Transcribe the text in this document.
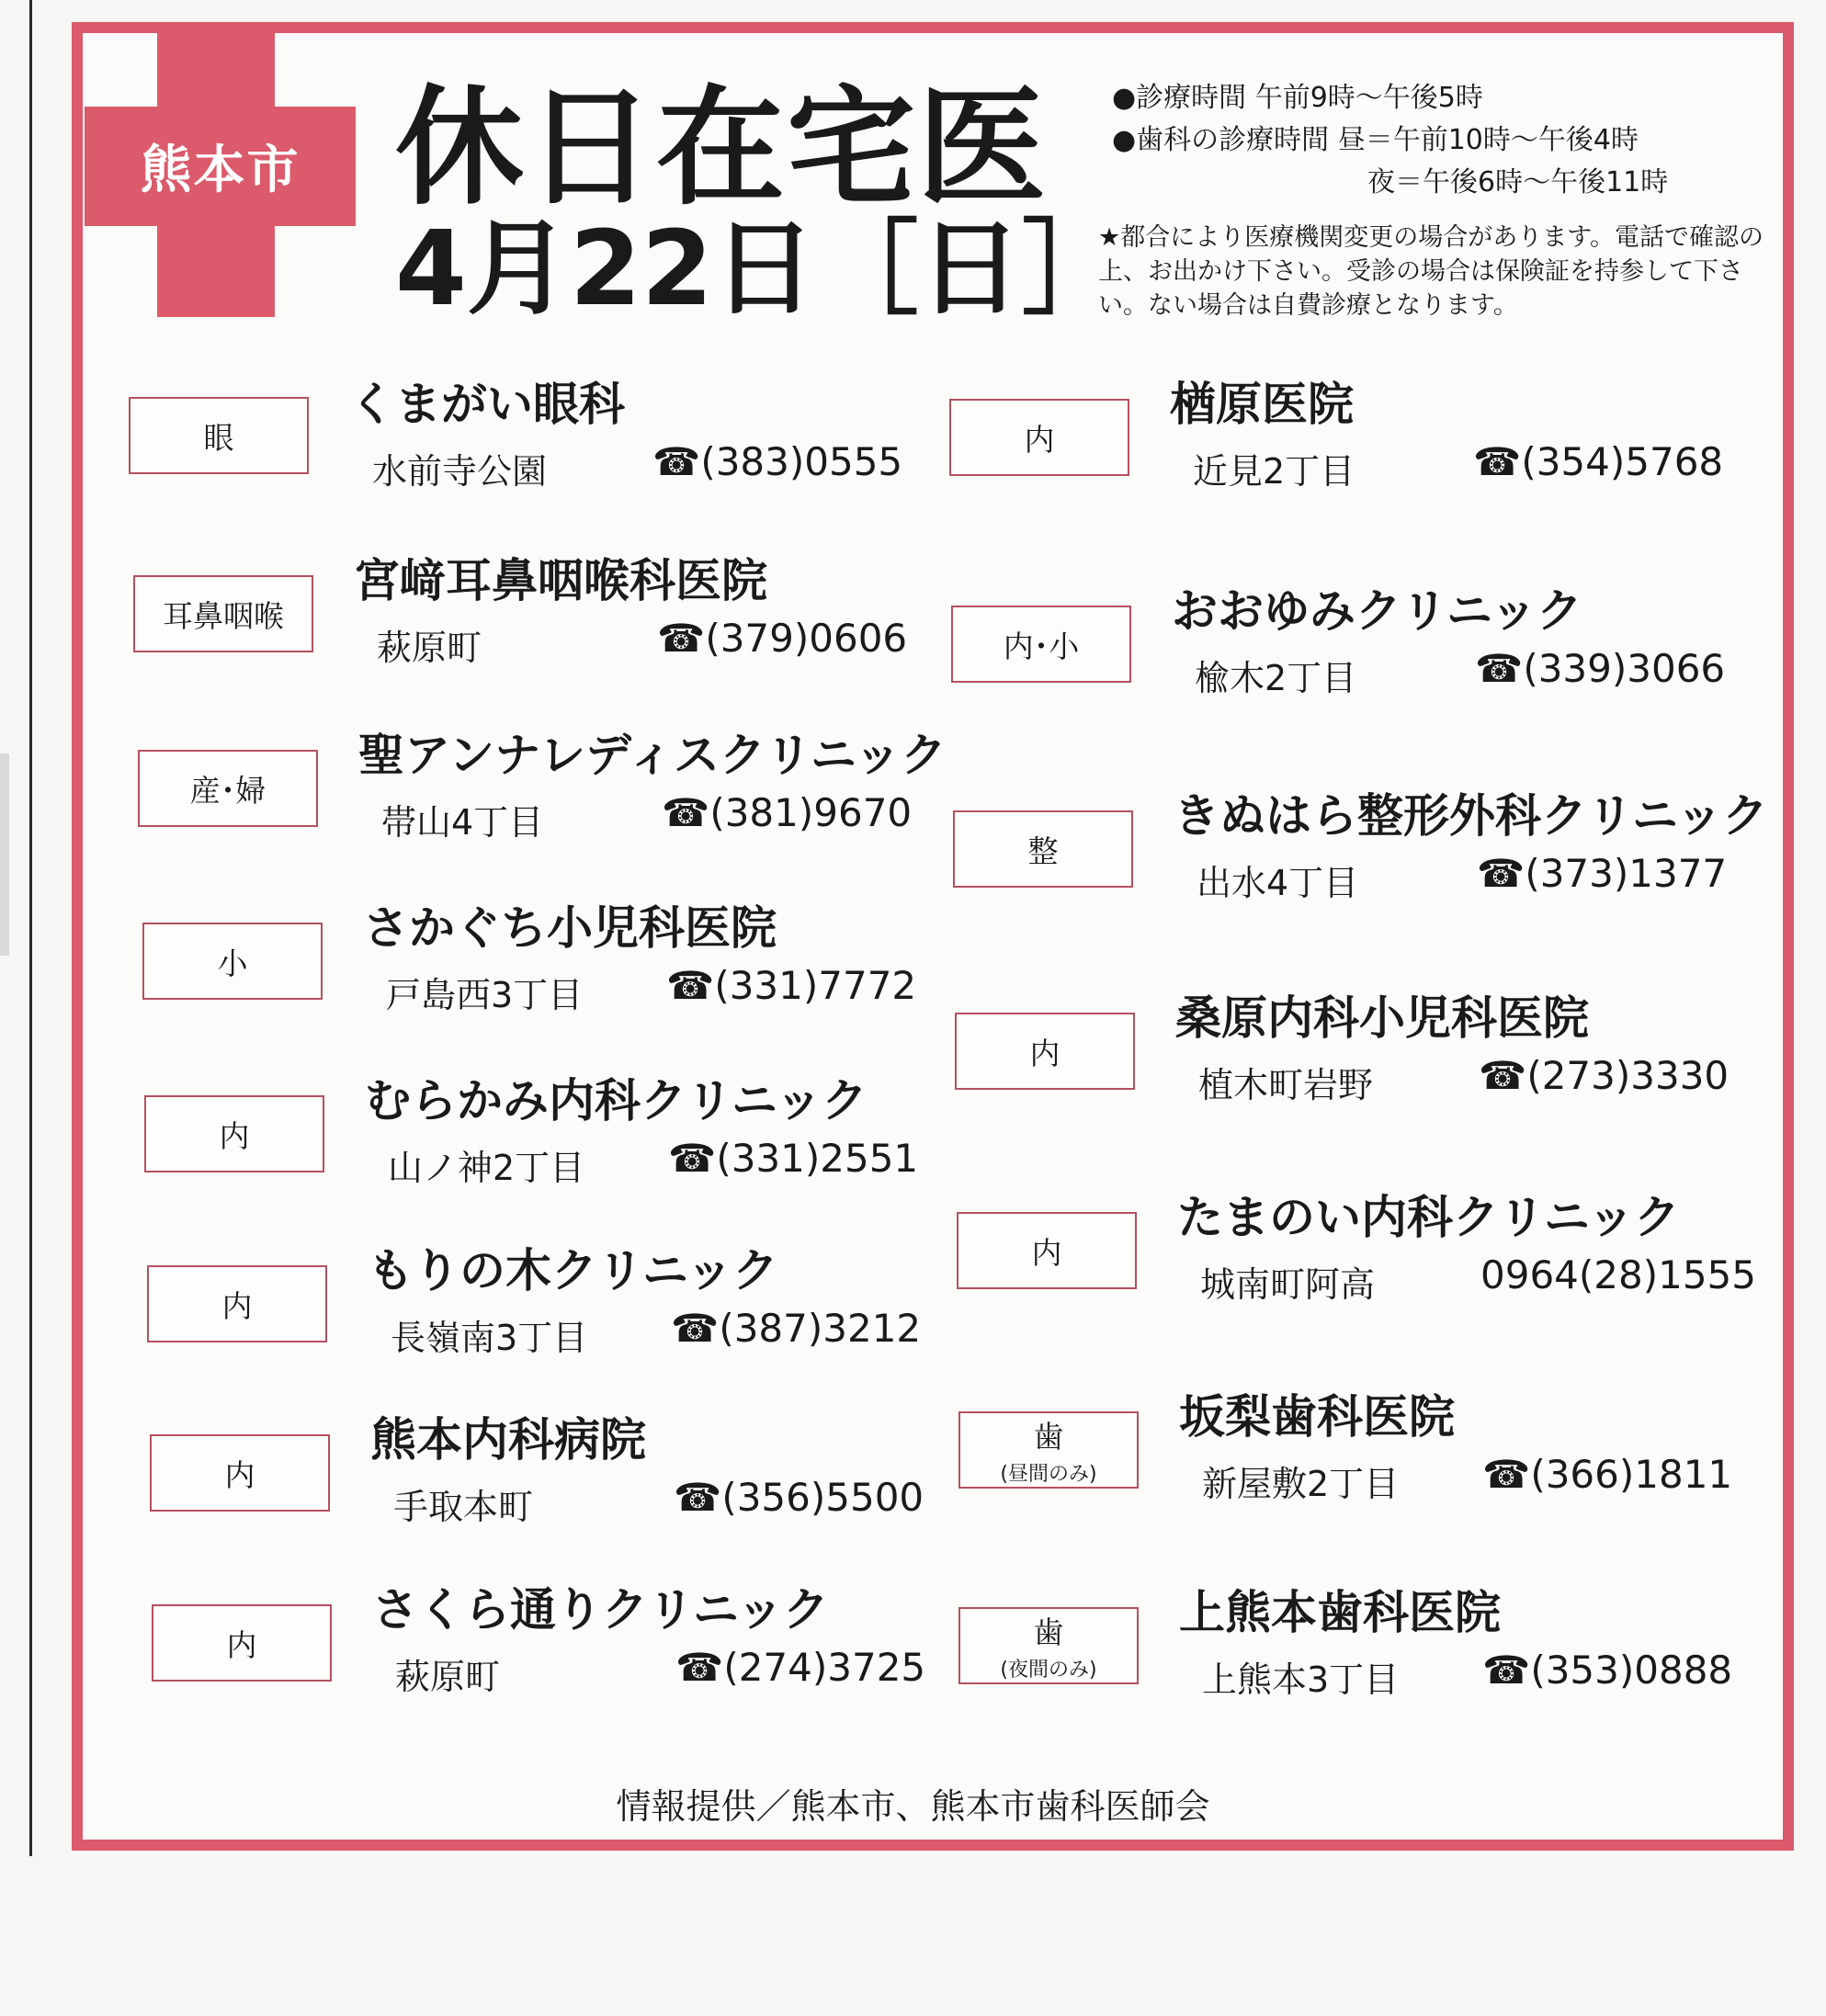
熊本市 休日在宅医
4月22日［日］
●診療時間 午前9時〜午後5時
●歯科の診療時間 昼＝午前10時〜午後4時
夜＝午後6時〜午後11時
★都合により医療機関変更の場合があります。電話で確認の上、お出かけ下さい。受診の場合は保険証を持参して下さい。ない場合は自費診療となります。
眼
くまがい眼科
水前寺公園	☎(383)0555
耳鼻咽喉
宮﨑耳鼻咽喉科医院
萩原町	☎(379)0606
産･婦
聖アンナレディスクリニック
帯山4丁目	☎(381)9670
小
さかぐち小児科医院
戸島西3丁目 ☎(331)7772
内
むらかみ内科クリニック
山ノ神2丁目 ☎(331)2551
内
もりの木クリニック
長嶺南3丁目 ☎(387)3212
内
熊本内科病院
手取本町	☎(356)5500
内
さくら通りクリニック
萩原町	☎(274)3725
内
楢原医院
近見2丁目	☎(354)5768
内･小
おおゆみクリニック
楡木2丁目	☎(339)3066
整
きぬはら整形外科クリニック
出水4丁目	☎(373)1377
内
桑原内科小児科医院
植木町岩野	☎(273)3330
内
たまのい内科クリニック
城南町阿高	0964(28)1555
歯
(昼間のみ)
坂梨歯科医院
新屋敷2丁目 ☎(366)1811
歯
(夜間のみ)
上熊本歯科医院
上熊本3丁目 ☎(353)0888
情報提供／熊本市、熊本市歯科医師会
